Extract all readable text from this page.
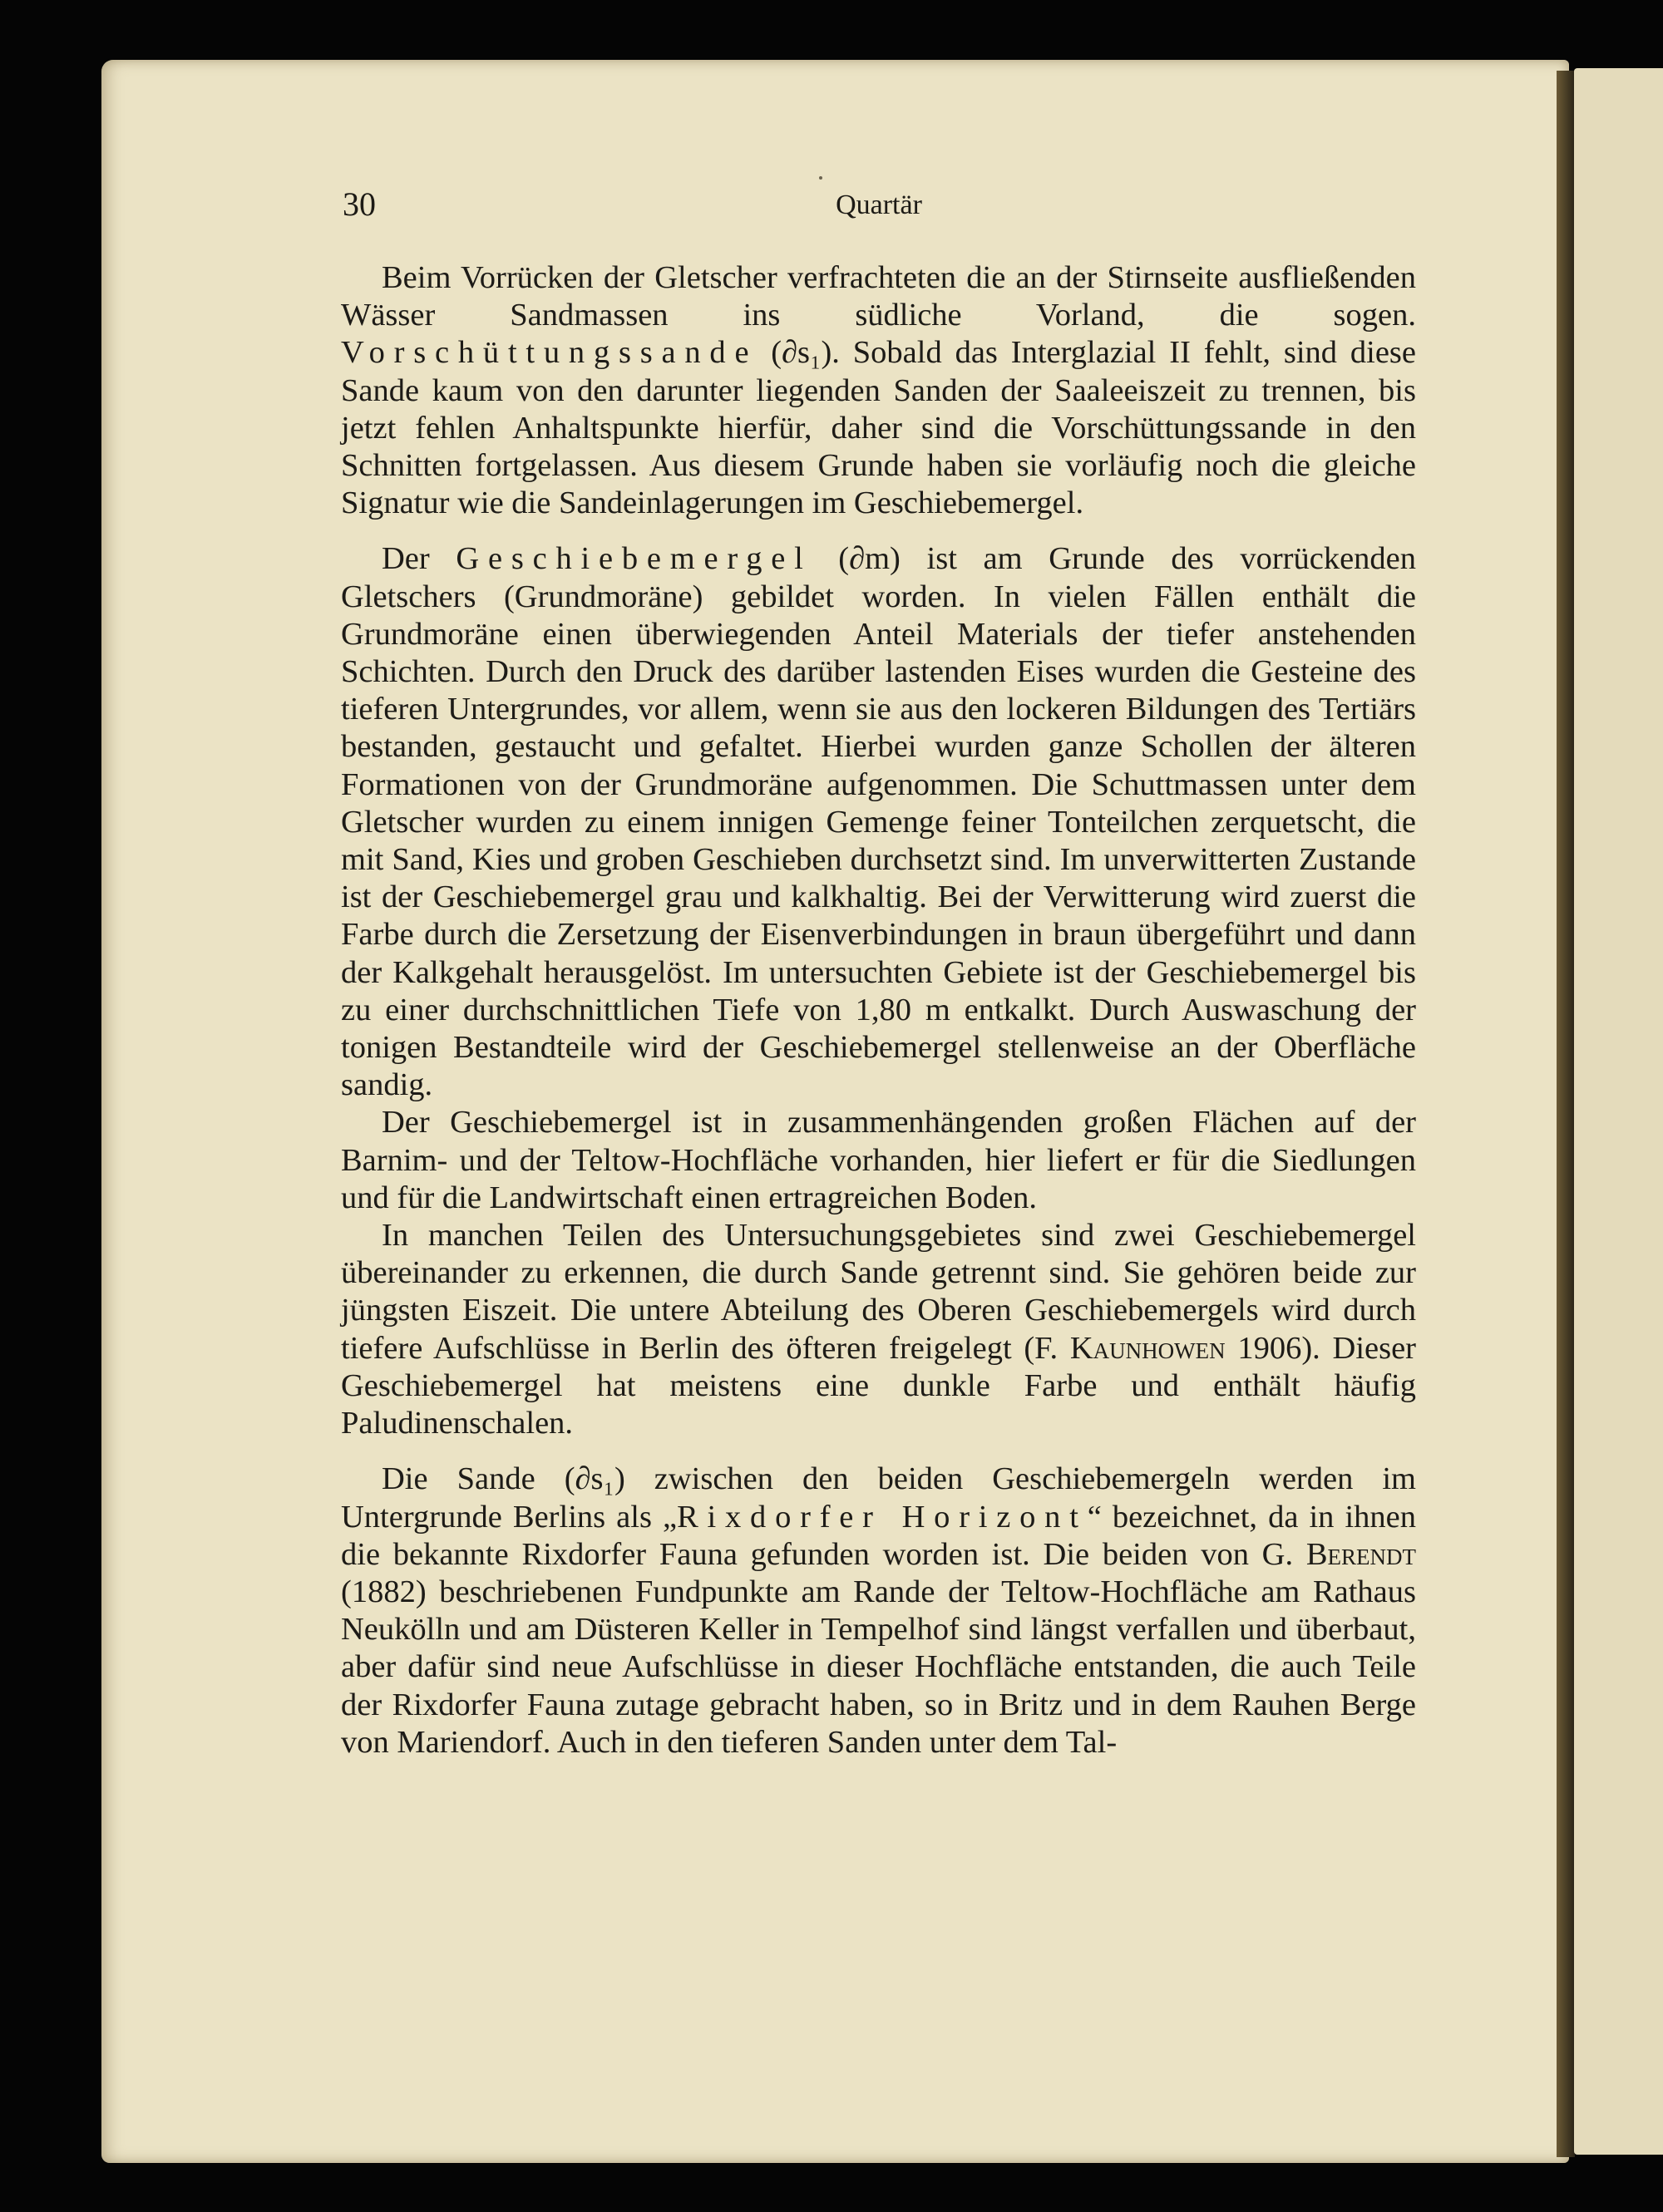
30	Quartär

Beim Vorrücken der Gletscher verfrachteten die an der Stirnseite ausfließenden Wässer Sandmassen ins südliche Vorland, die sogen. Vorschüttungssande (∂s₁). Sobald das Interglazial II fehlt, sind diese Sande kaum von den darunter liegenden Sanden der Saaleeiszeit zu trennen, bis jetzt fehlen Anhaltspunkte hierfür, daher sind die Vorschüttungssande in den Schnitten fortgelassen. Aus diesem Grunde haben sie vorläufig noch die gleiche Signatur wie die Sandeinlagerungen im Geschiebemergel.

Der Geschiebemergel (∂m) ist am Grunde des vorrückenden Gletschers (Grundmoräne) gebildet worden. In vielen Fällen enthält die Grundmoräne einen überwiegenden Anteil Materials der tiefer anstehenden Schichten. Durch den Druck des darüber lastenden Eises wurden die Gesteine des tieferen Untergrundes, vor allem, wenn sie aus den lockeren Bildungen des Tertiärs bestanden, gestaucht und gefaltet. Hierbei wurden ganze Schollen der älteren Formationen von der Grundmoräne aufgenommen. Die Schuttmassen unter dem Gletscher wurden zu einem innigen Gemenge feiner Tonteilchen zerquetscht, die mit Sand, Kies und groben Geschieben durchsetzt sind. Im unverwitterten Zustande ist der Geschiebemergel grau und kalkhaltig. Bei der Verwitterung wird zuerst die Farbe durch die Zersetzung der Eisenverbindungen in braun übergeführt und dann der Kalkgehalt herausgelöst. Im untersuchten Gebiete ist der Geschiebemergel bis zu einer durchschnittlichen Tiefe von 1,80 m entkalkt. Durch Auswaschung der tonigen Bestandteile wird der Geschiebemergel stellenweise an der Oberfläche sandig.

Der Geschiebemergel ist in zusammenhängenden großen Flächen auf der Barnim- und der Teltow-Hochfläche vorhanden, hier liefert er für die Siedlungen und für die Landwirtschaft einen ertragreichen Boden.

In manchen Teilen des Untersuchungsgebietes sind zwei Geschiebemergel übereinander zu erkennen, die durch Sande getrennt sind. Sie gehören beide zur jüngsten Eiszeit. Die untere Abteilung des Oberen Geschiebemergels wird durch tiefere Aufschlüsse in Berlin des öfteren freigelegt (F. Kaunhowen 1906). Dieser Geschiebemergel hat meistens eine dunkle Farbe und enthält häufig Paludinenschalen.

Die Sande (∂s₁) zwischen den beiden Geschiebemergeln werden im Untergrunde Berlins als „Rixdorfer Horizont“ bezeichnet, da in ihnen die bekannte Rixdorfer Fauna gefunden worden ist. Die beiden von G. Berendt (1882) beschriebenen Fundpunkte am Rande der Teltow-Hochfläche am Rathaus Neukölln und am Düsteren Keller in Tempelhof sind längst verfallen und überbaut, aber dafür sind neue Aufschlüsse in dieser Hochfläche entstanden, die auch Teile der Rixdorfer Fauna zutage gebracht haben, so in Britz und in dem Rauhen Berge von Mariendorf. Auch in den tieferen Sanden unter dem Tal-
